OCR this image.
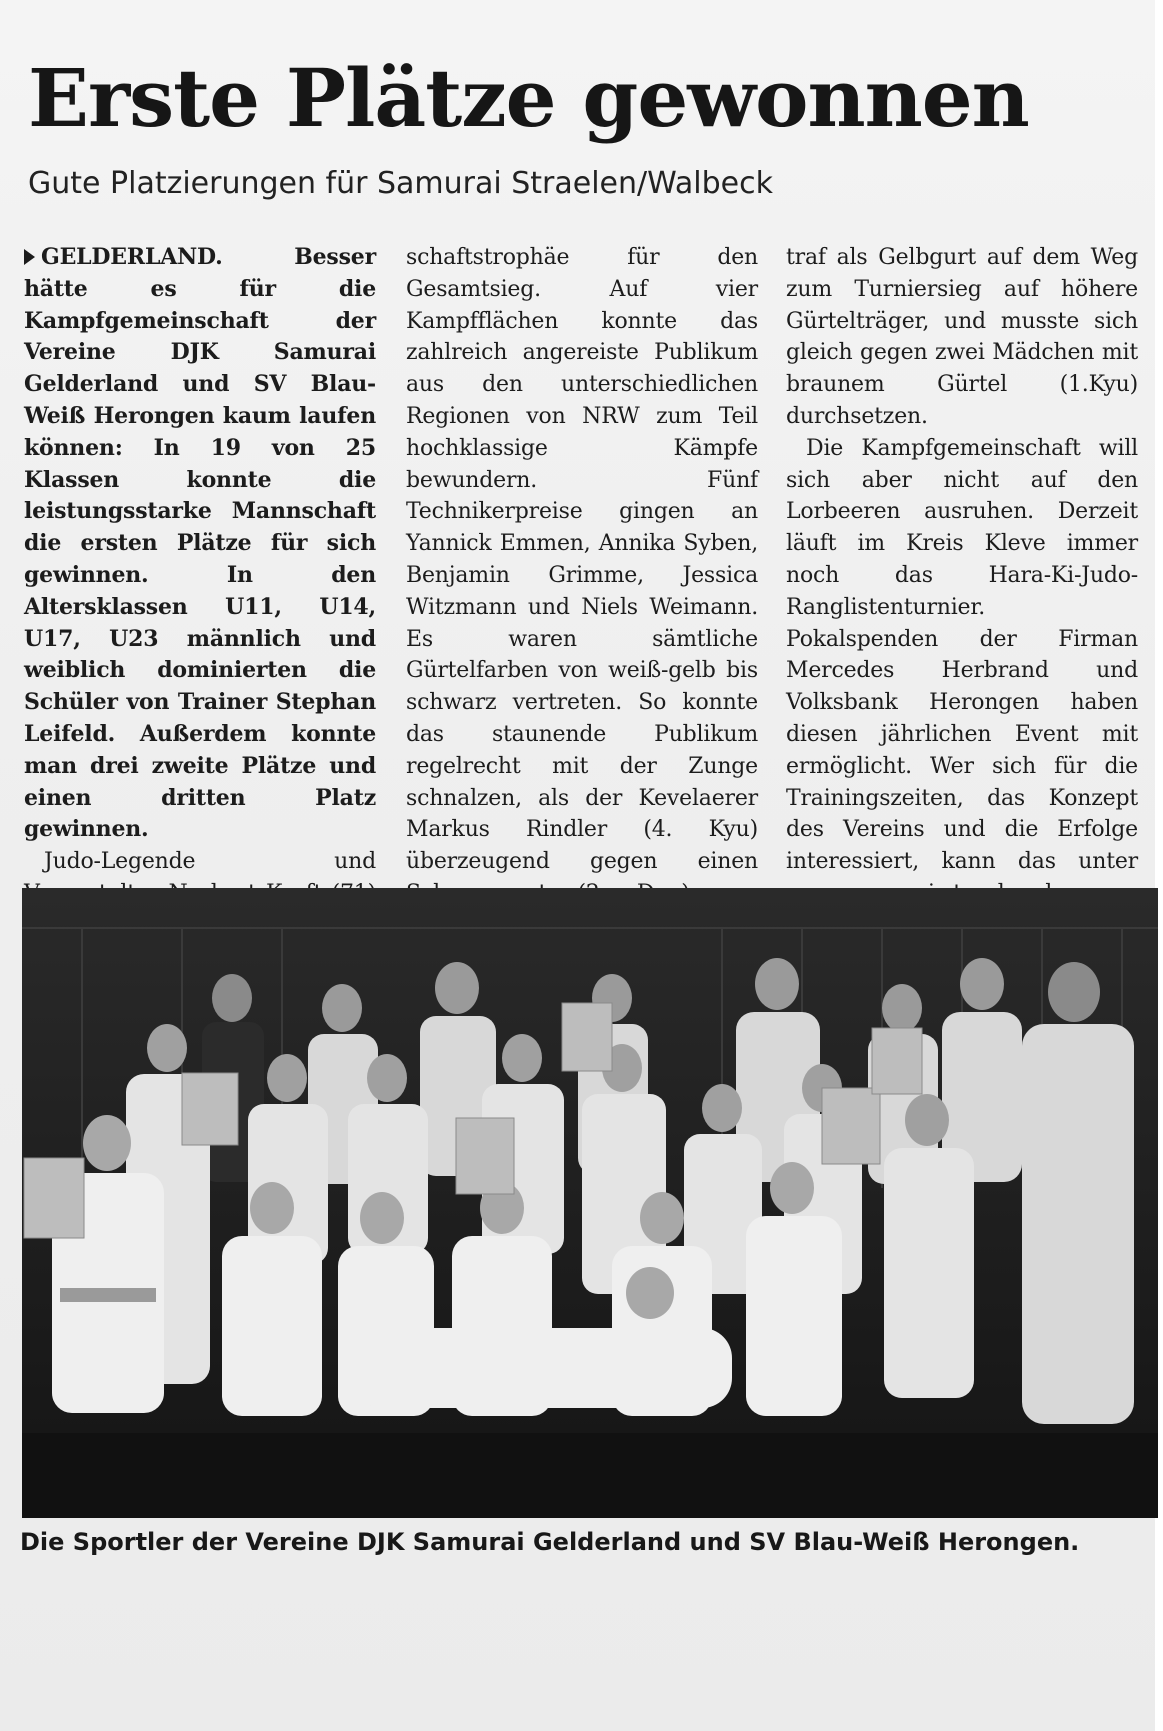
Erste Plätze gewonnen
Gute Platzierungen für Samurai Straelen/Walbeck

GELDERLAND. Besser hätte es für die Kampfgemeinschaft der Vereine DJK Samurai Gelderland und SV Blau-Weiß Herongen kaum laufen können: In 19 von 25 Klassen konnte die leistungsstarke Mannschaft die ersten Plätze für sich gewinnen. In den Altersklassen U11, U14, U17, U23 männlich und weiblich dominierten die Schüler von Trainer Stephan Leifeld. Außerdem konnte man drei zweite Plätze und einen dritten Platz gewinnen.

Judo-Legende und

schaftstrophäe für den Gesamtsieg. Auf vier Kampfflächen konnte das zahlreich angereiste Publikum aus den unterschiedlichen Regionen von NRW zum Teil hochklassige Kämpfe bewundern. Fünf Technikerpreise gingen an Yannick Emmen, Annika Syben, Benjamin Grimme, Jessica Witzmann und Niels Weimann. Es waren sämtliche Gürtelfarben von weiß-gelb bis schwarz vertreten. So konnte das staunende Publikum regelrecht mit der Zunge schnalzen, als der Kevelaerer Markus Rindler (4. Kyu) überzeugend gegen einen

traf als Gelbgurt auf dem Weg zum Turniersieg auf höhere Gürtelträger, und musste sich gleich gegen zwei Mädchen mit braunem Gürtel (1.Kyu) durchsetzen.

Die Kampfgemeinschaft will sich aber nicht auf den Lorbeeren ausruhen. Derzeit läuft im Kreis Kleve immer noch das Hara-Ki-Judo-Ranglistenturnier. Pokalspenden der Firman Mercedes Herbrand und Volksbank Herongen haben diesen jährlichen Event mit ermöglicht. Wer sich für die Trainingszeiten, das Konzept des Vereins und die Erfolge interessiert, kann das unter

Die Sportler der Vereine DJK Samurai Gelderland und SV Blau-Weiß Herongen.
